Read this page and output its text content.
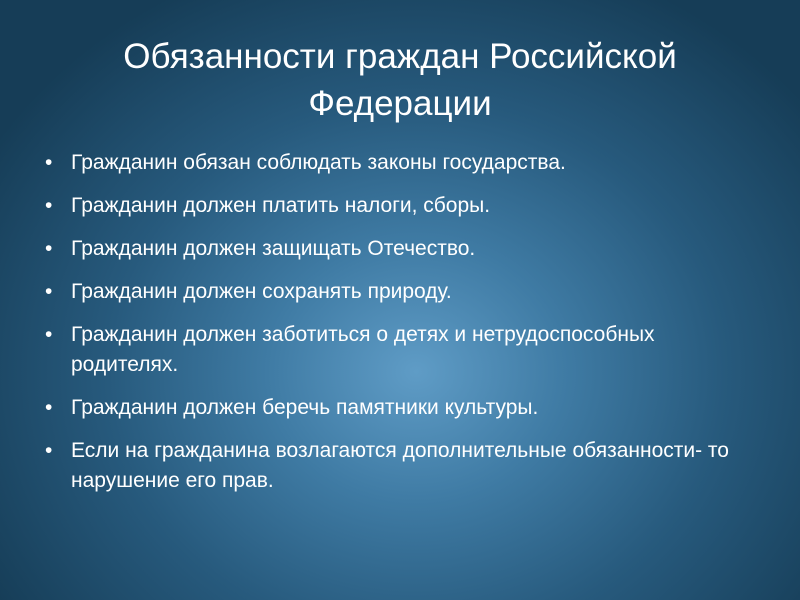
Обязанности граждан Российской Федерации
• Гражданин обязан соблюдать законы государства.
• Гражданин должен платить налоги, сборы.
• Гражданин должен защищать Отечество.
• Гражданин должен сохранять природу.
• Гражданин должен заботиться о детях и нетрудоспособных родителях.
• Гражданин должен беречь памятники культуры.
• Если на гражданина возлагаются дополнительные обязанности- то нарушение его прав.
